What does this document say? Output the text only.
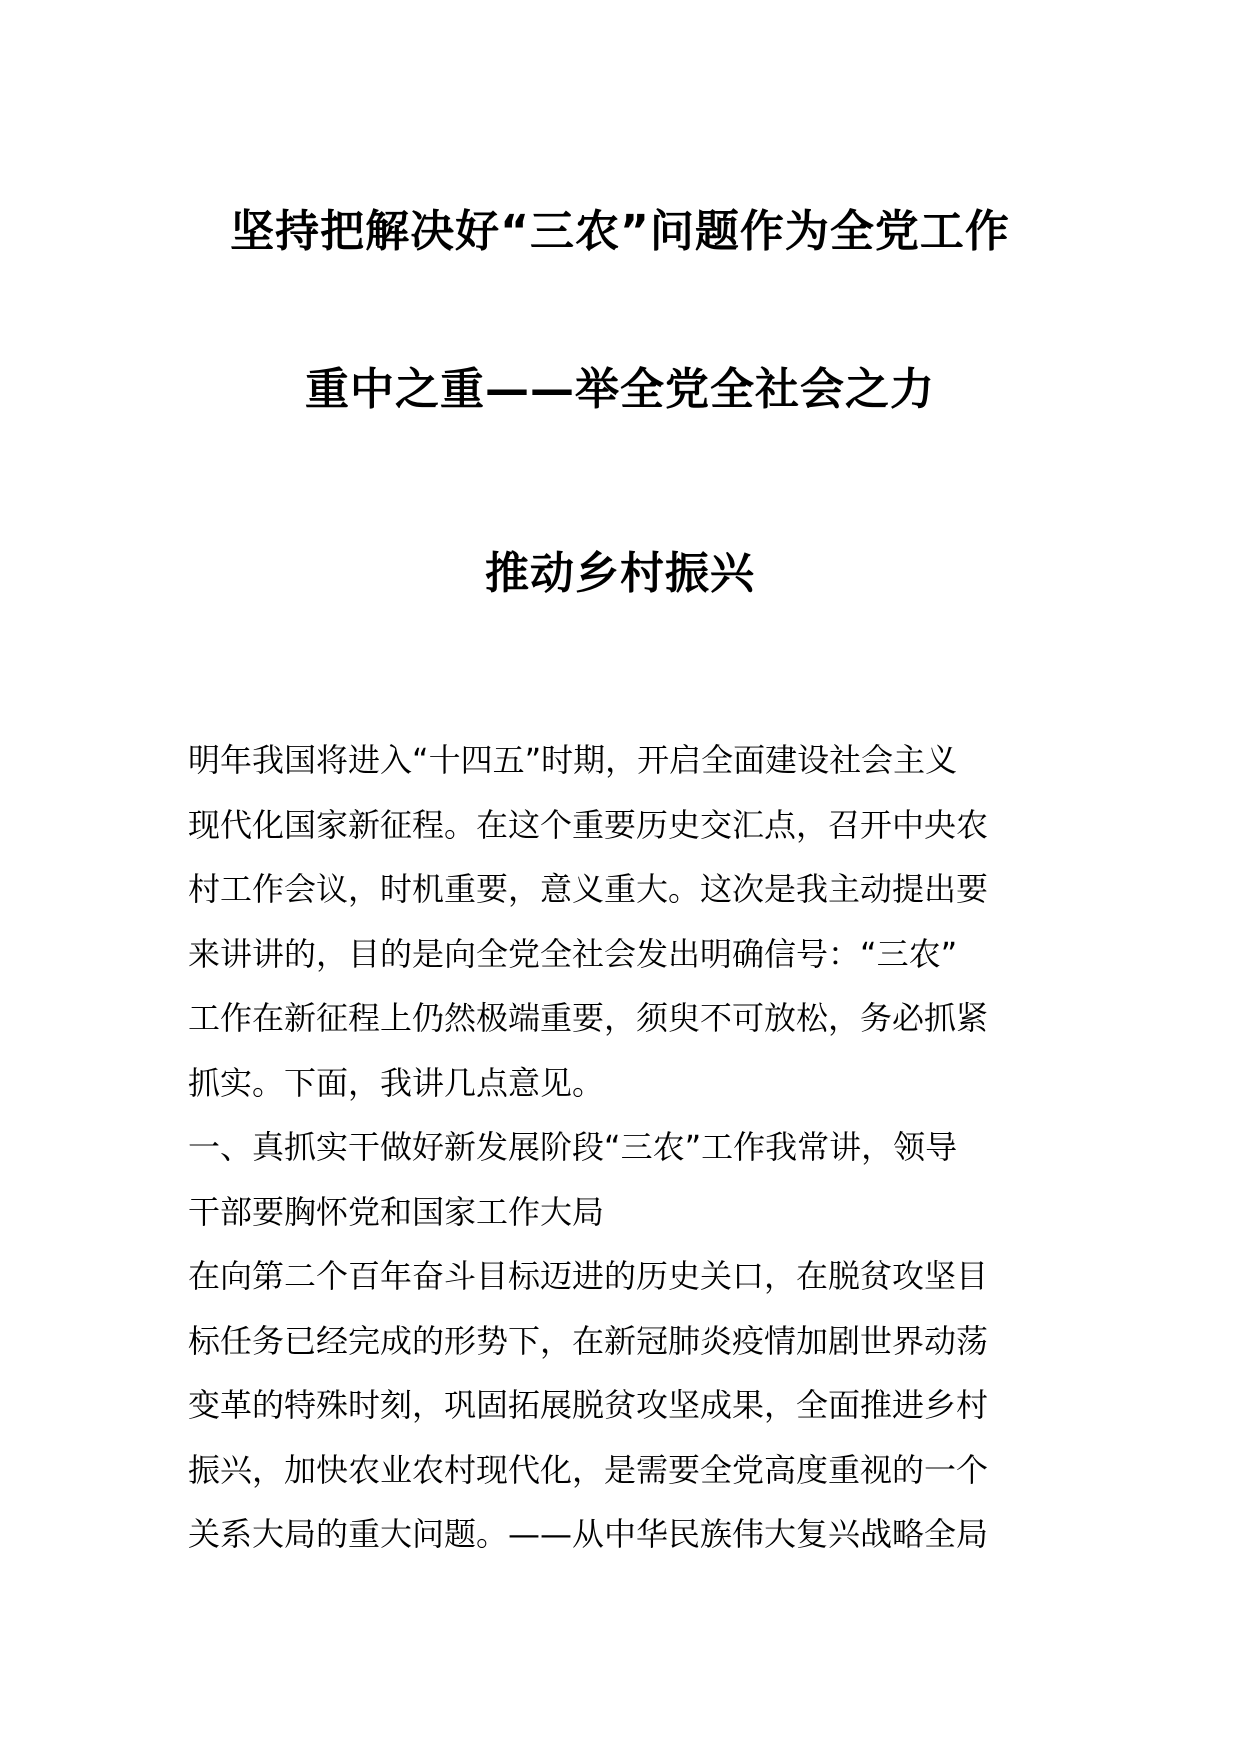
坚持把解决好“三农”问题作为全党工作
重中之重——举全党全社会之力
推动乡村振兴
明年我国将进入“十四五”时期，开启全面建设社会主义
现代化国家新征程。在这个重要历史交汇点，召开中央农
村工作会议，时机重要，意义重大。这次是我主动提出要
来讲讲的，目的是向全党全社会发出明确信号：“三农”
工作在新征程上仍然极端重要，须臾不可放松，务必抓紧
抓实。下面，我讲几点意见。
一、真抓实干做好新发展阶段“三农”工作我常讲，领导
干部要胸怀党和国家工作大局
在向第二个百年奋斗目标迈进的历史关口，在脱贫攻坚目
标任务已经完成的形势下，在新冠肺炎疫情加剧世界动荡
变革的特殊时刻，巩固拓展脱贫攻坚成果，全面推进乡村
振兴，加快农业农村现代化，是需要全党高度重视的一个
关系大局的重大问题。——从中华民族伟大复兴战略全局
